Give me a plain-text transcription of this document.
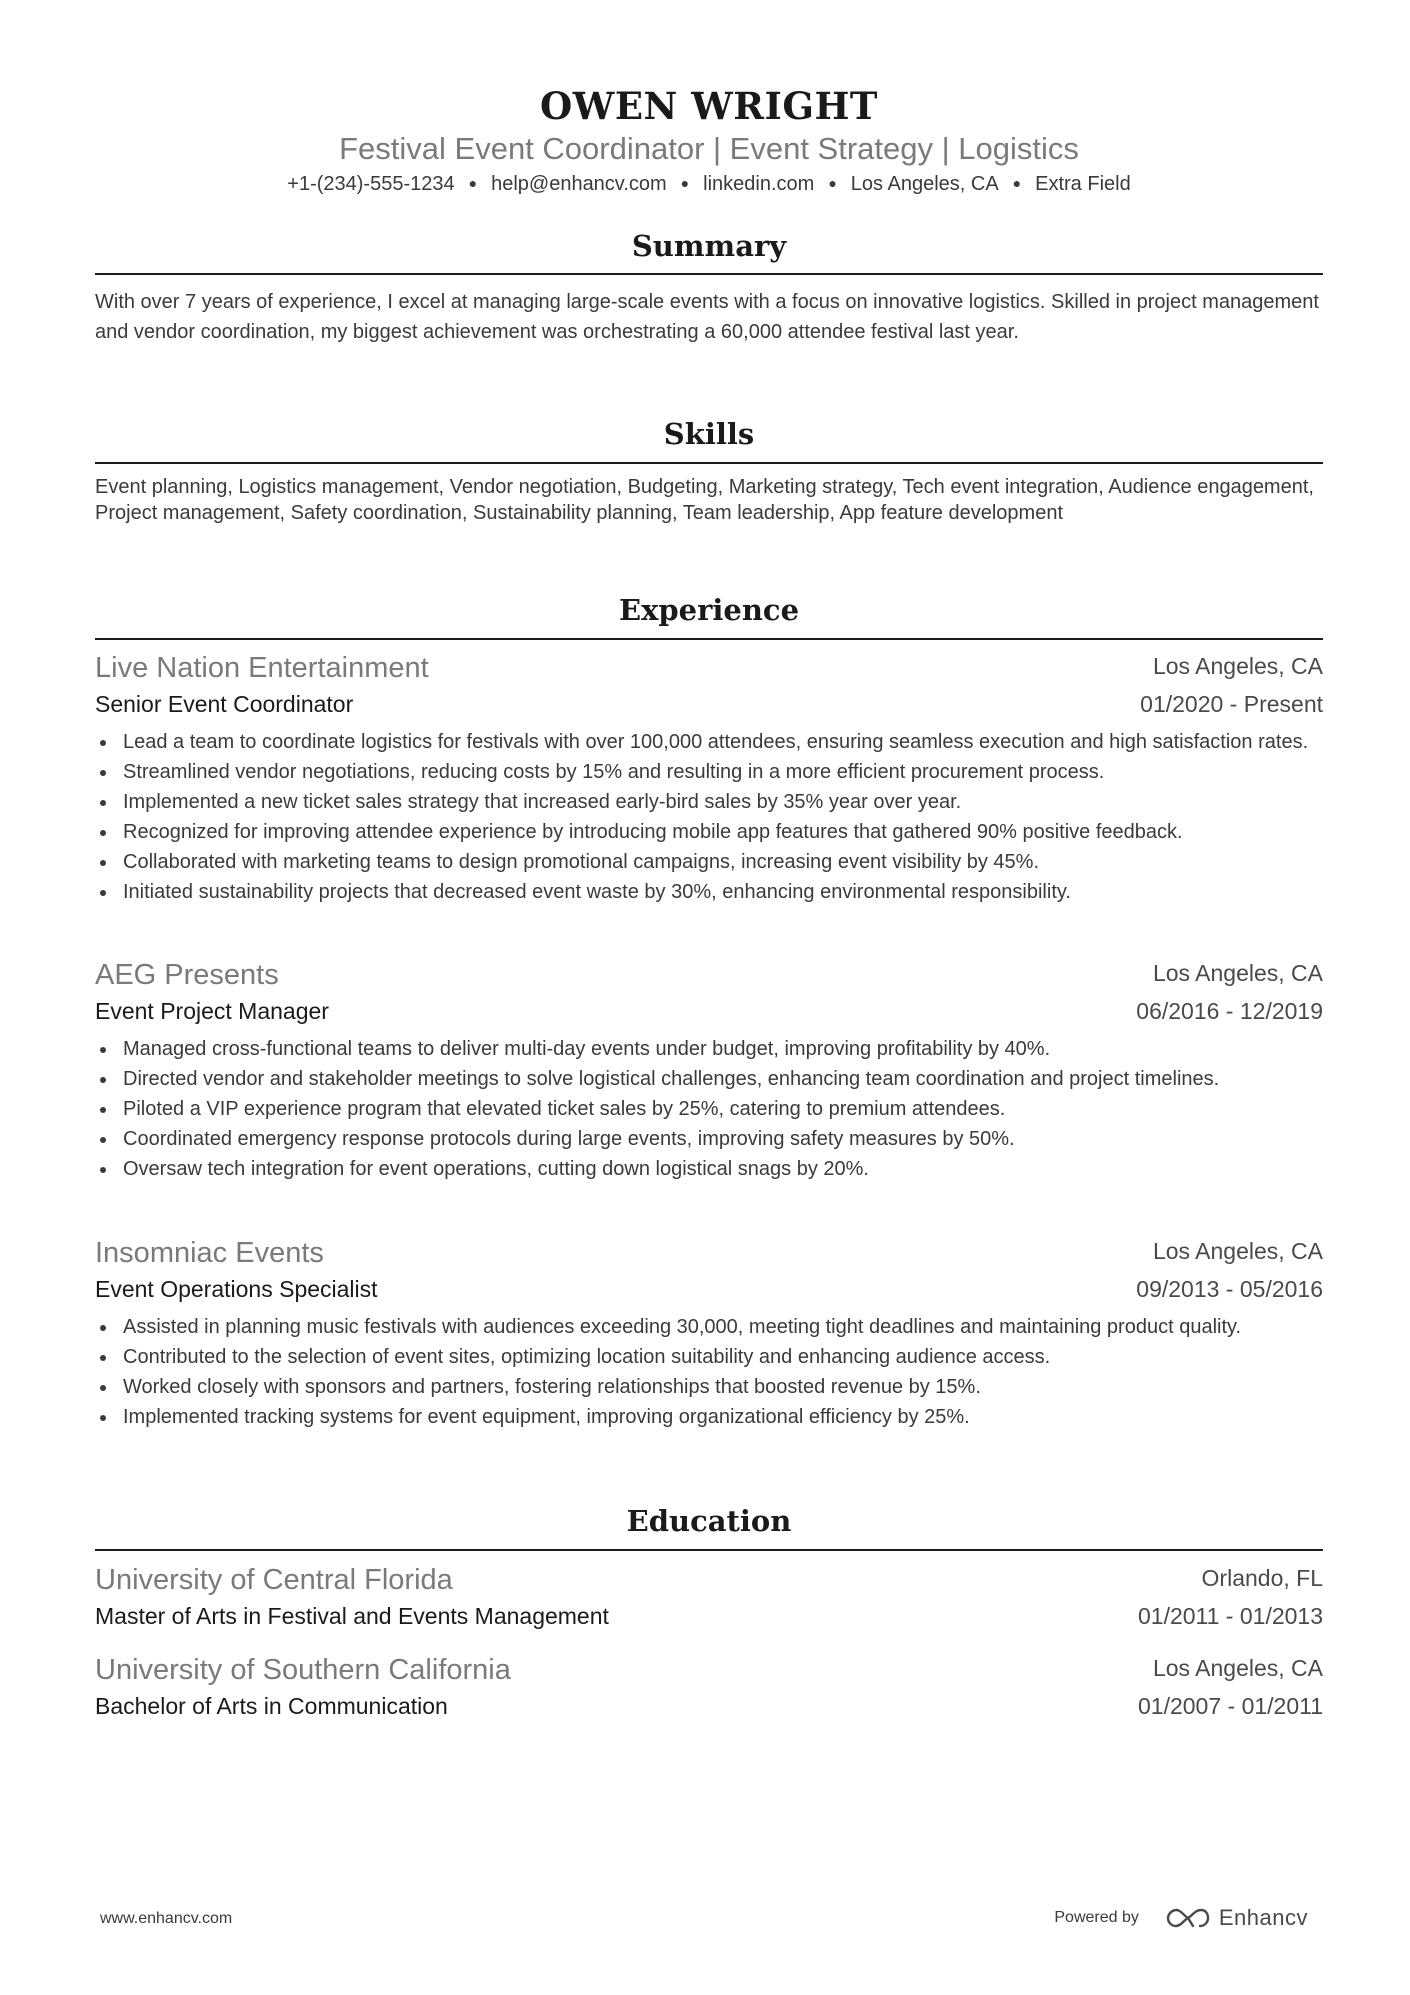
OWEN WRIGHT
Festival Event Coordinator | Event Strategy | Logistics
+1-(234)-555-1234 ● help@enhancv.com ● linkedin.com ● Los Angeles, CA ● Extra Field
Summary
With over 7 years of experience, I excel at managing large-scale events with a focus on innovative logistics. Skilled in project management and vendor coordination, my biggest achievement was orchestrating a 60,000 attendee festival last year.
Skills
Event planning, Logistics management, Vendor negotiation, Budgeting, Marketing strategy, Tech event integration, Audience engagement, Project management, Safety coordination, Sustainability planning, Team leadership, App feature development
Experience
Live Nation Entertainment	Los Angeles, CA
Senior Event Coordinator	01/2020 - Present
Lead a team to coordinate logistics for festivals with over 100,000 attendees, ensuring seamless execution and high satisfaction rates.
Streamlined vendor negotiations, reducing costs by 15% and resulting in a more efficient procurement process.
Implemented a new ticket sales strategy that increased early-bird sales by 35% year over year.
Recognized for improving attendee experience by introducing mobile app features that gathered 90% positive feedback.
Collaborated with marketing teams to design promotional campaigns, increasing event visibility by 45%.
Initiated sustainability projects that decreased event waste by 30%, enhancing environmental responsibility.
AEG Presents	Los Angeles, CA
Event Project Manager	06/2016 - 12/2019
Managed cross-functional teams to deliver multi-day events under budget, improving profitability by 40%.
Directed vendor and stakeholder meetings to solve logistical challenges, enhancing team coordination and project timelines.
Piloted a VIP experience program that elevated ticket sales by 25%, catering to premium attendees.
Coordinated emergency response protocols during large events, improving safety measures by 50%.
Oversaw tech integration for event operations, cutting down logistical snags by 20%.
Insomniac Events	Los Angeles, CA
Event Operations Specialist	09/2013 - 05/2016
Assisted in planning music festivals with audiences exceeding 30,000, meeting tight deadlines and maintaining product quality.
Contributed to the selection of event sites, optimizing location suitability and enhancing audience access.
Worked closely with sponsors and partners, fostering relationships that boosted revenue by 15%.
Implemented tracking systems for event equipment, improving organizational efficiency by 25%.
Education
University of Central Florida	Orlando, FL
Master of Arts in Festival and Events Management	01/2011 - 01/2013
University of Southern California	Los Angeles, CA
Bachelor of Arts in Communication	01/2007 - 01/2011
www.enhancv.com	Powered by	Enhancv
